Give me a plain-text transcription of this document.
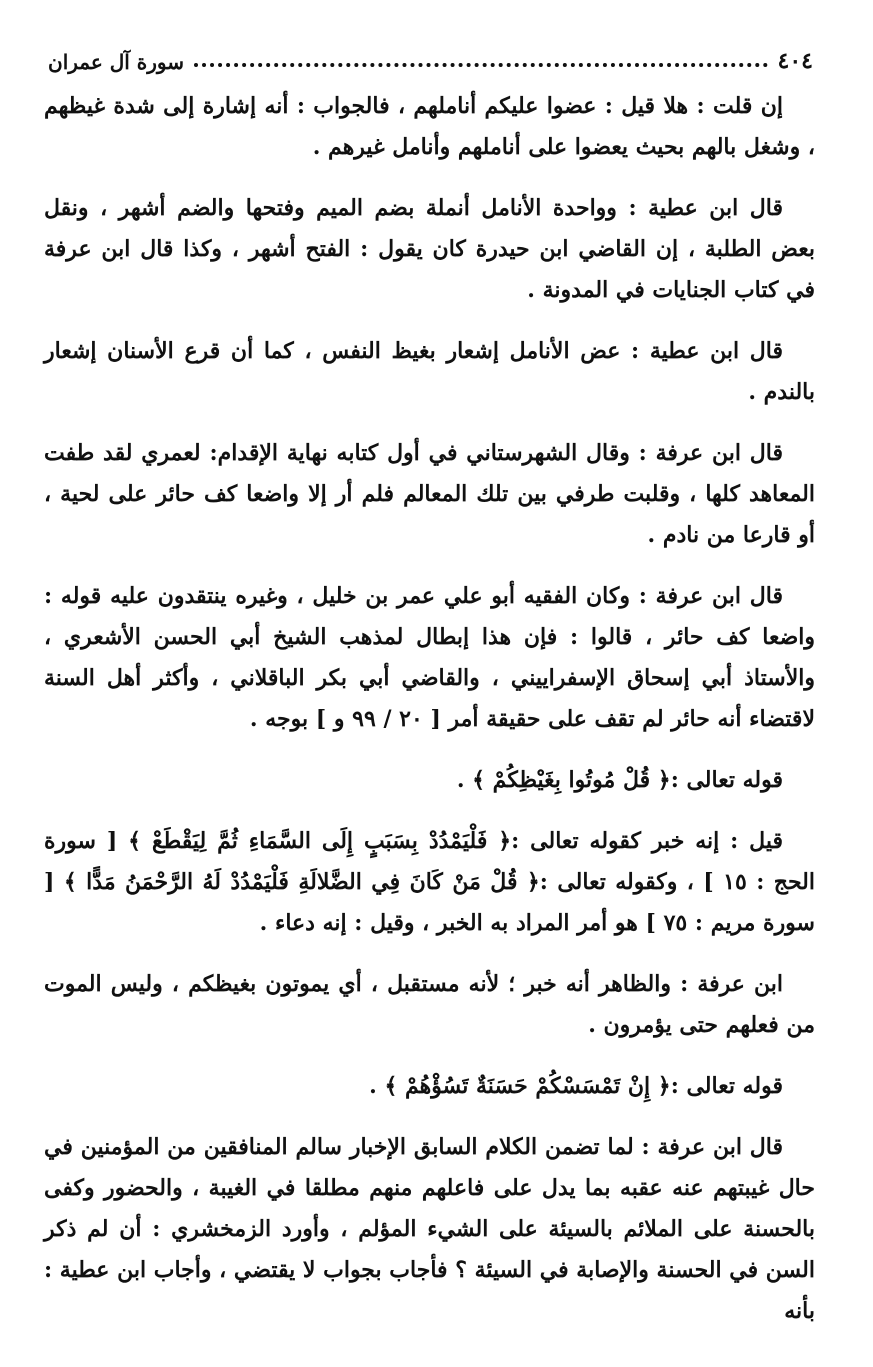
٤٠٤
سورة آل عمران

إن قلت : هلا قيل : عضوا عليكم أناملهم ، فالجواب : أنه إشارة إلى شدة غيظهم ، وشغل بالهم بحيث يعضوا على أناملهم وأنامل غيرهم .

قال ابن عطية : وواحدة الأنامل أنملة بضم الميم وفتحها والضم أشهر ، ونقل بعض الطلبة ، إن القاضي ابن حيدرة كان يقول : الفتح أشهر ، وكذا قال ابن عرفة في كتاب الجنايات في المدونة .

قال ابن عطية : عض الأنامل إشعار بغيظ النفس ، كما أن قرع الأسنان إشعار بالندم .

قال ابن عرفة : وقال الشهرستاني في أول كتابه نهاية الإقدام: لعمري لقد طفت المعاهد كلها ، وقلبت طرفي بين تلك المعالم فلم أر إلا واضعا كف حائر على لحية ، أو قارعا من نادم .

قال ابن عرفة : وكان الفقيه أبو علي عمر بن خليل ، وغيره ينتقدون عليه قوله : واضعا كف حائر ، قالوا : فإن هذا إبطال لمذهب الشيخ أبي الحسن الأشعري ، والأستاذ أبي إسحاق الإسفراييني ، والقاضي أبي بكر الباقلاني ، وأكثر أهل السنة لاقتضاء أنه حائر لم تقف على حقيقة أمر [ ٢٠ / ٩٩ و ] بوجه .

قوله تعالى :﴿ قُلْ مُوتُوا بِغَيْظِكُمْ ﴾ .

قيل : إنه خبر كقوله تعالى :﴿ فَلْيَمْدُدْ بِسَبَبٍ إِلَى السَّمَاءِ ثُمَّ لِيَقْطَعْ ﴾ [ سورة الحج : ١٥ ] ، وكقوله تعالى :﴿ قُلْ مَنْ كَانَ فِي الضَّلالَةِ فَلْيَمْدُدْ لَهُ الرَّحْمَنُ مَدًّا ﴾ [ سورة مريم : ٧٥ ] هو أمر المراد به الخبر ، وقيل : إنه دعاء .

ابن عرفة : والظاهر أنه خبر ؛ لأنه مستقبل ، أي يموتون بغيظكم ، وليس الموت من فعلهم حتى يؤمرون .

قوله تعالى :﴿ إِنْ تَمْسَسْكُمْ حَسَنَةٌ تَسُؤْهُمْ ﴾ .

قال ابن عرفة : لما تضمن الكلام السابق الإخبار سالم المنافقين من المؤمنين في حال غيبتهم عنه عقبه بما يدل على فاعلهم منهم مطلقا في الغيبة ، والحضور وكفى بالحسنة على الملائم بالسيئة على الشيء المؤلم ، وأورد الزمخشري : أن لم ذكر السن في الحسنة والإصابة في السيئة ؟ فأجاب بجواب لا يقتضي ، وأجاب ابن عطية : بأنه
